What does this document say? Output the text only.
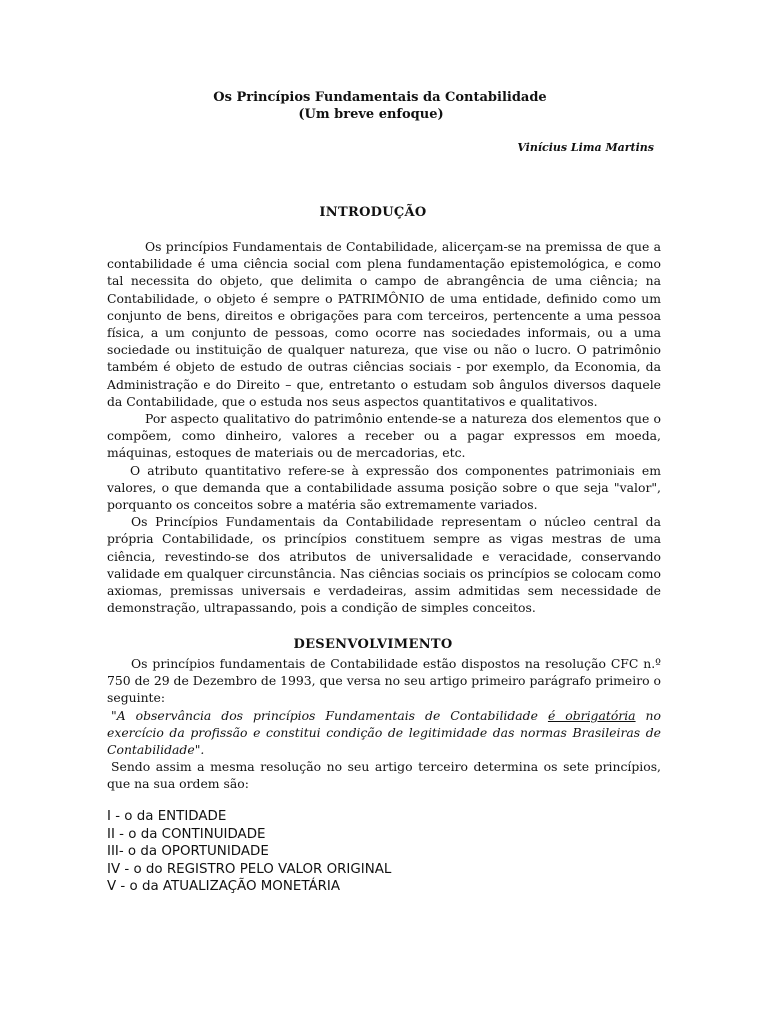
Os Princípios Fundamentais da Contabilidade
(Um breve enfoque)
Vinícius Lima Martins
INTRODUÇÃO

Os princípios Fundamentais de Contabilidade, alicerçam-se na premissa de que a contabilidade é uma ciência social com plena fundamentação epistemológica, e como tal necessita do objeto, que delimita o campo de abrangência de uma ciência; na Contabilidade, o objeto é sempre o PATRIMÔNIO de uma entidade, definido como um conjunto de bens, direitos e obrigações para com terceiros, pertencente a uma pessoa física, a um conjunto de pessoas, como ocorre nas sociedades informais, ou a uma sociedade ou instituição de qualquer natureza, que vise ou não o lucro. O patrimônio também é objeto de estudo de outras ciências sociais - por exemplo, da Economia, da Administração e do Direito – que, entretanto o estudam sob ângulos diversos daquele da Contabilidade, que o estuda nos seus aspectos quantitativos e qualitativos.

Por aspecto qualitativo do patrimônio entende-se a natureza dos elementos que o compõem, como dinheiro, valores a receber ou a pagar expressos em moeda, máquinas, estoques de materiais ou de mercadorias, etc.

O atributo quantitativo refere-se à expressão dos componentes patrimoniais em valores, o que demanda que a contabilidade assuma posição sobre o que seja "valor", porquanto os conceitos sobre a matéria são extremamente variados.

Os Princípios Fundamentais da Contabilidade representam o núcleo central da própria Contabilidade, os princípios constituem sempre as vigas mestras de uma ciência, revestindo-se dos atributos de universalidade e veracidade, conservando validade em qualquer circunstância. Nas ciências sociais os princípios se colocam como axiomas, premissas universais e verdadeiras, assim admitidas sem necessidade de demonstração, ultrapassando, pois a condição de simples conceitos.

DESENVOLVIMENTO

Os princípios fundamentais de Contabilidade estão dispostos na resolução CFC n.º 750 de 29 de Dezembro de 1993, que versa no seu artigo primeiro parágrafo primeiro o seguinte:

"A observância dos princípios Fundamentais de Contabilidade é obrigatória no exercício da profissão e constitui condição de legitimidade das normas Brasileiras de Contabilidade".

Sendo assim a mesma resolução no seu artigo terceiro determina os sete princípios, que na sua ordem são:

I - o da ENTIDADE
II - o da CONTINUIDADE
III- o da OPORTUNIDADE
IV - o do REGISTRO PELO VALOR ORIGINAL
V - o da ATUALIZAÇÃO MONETÁRIA
